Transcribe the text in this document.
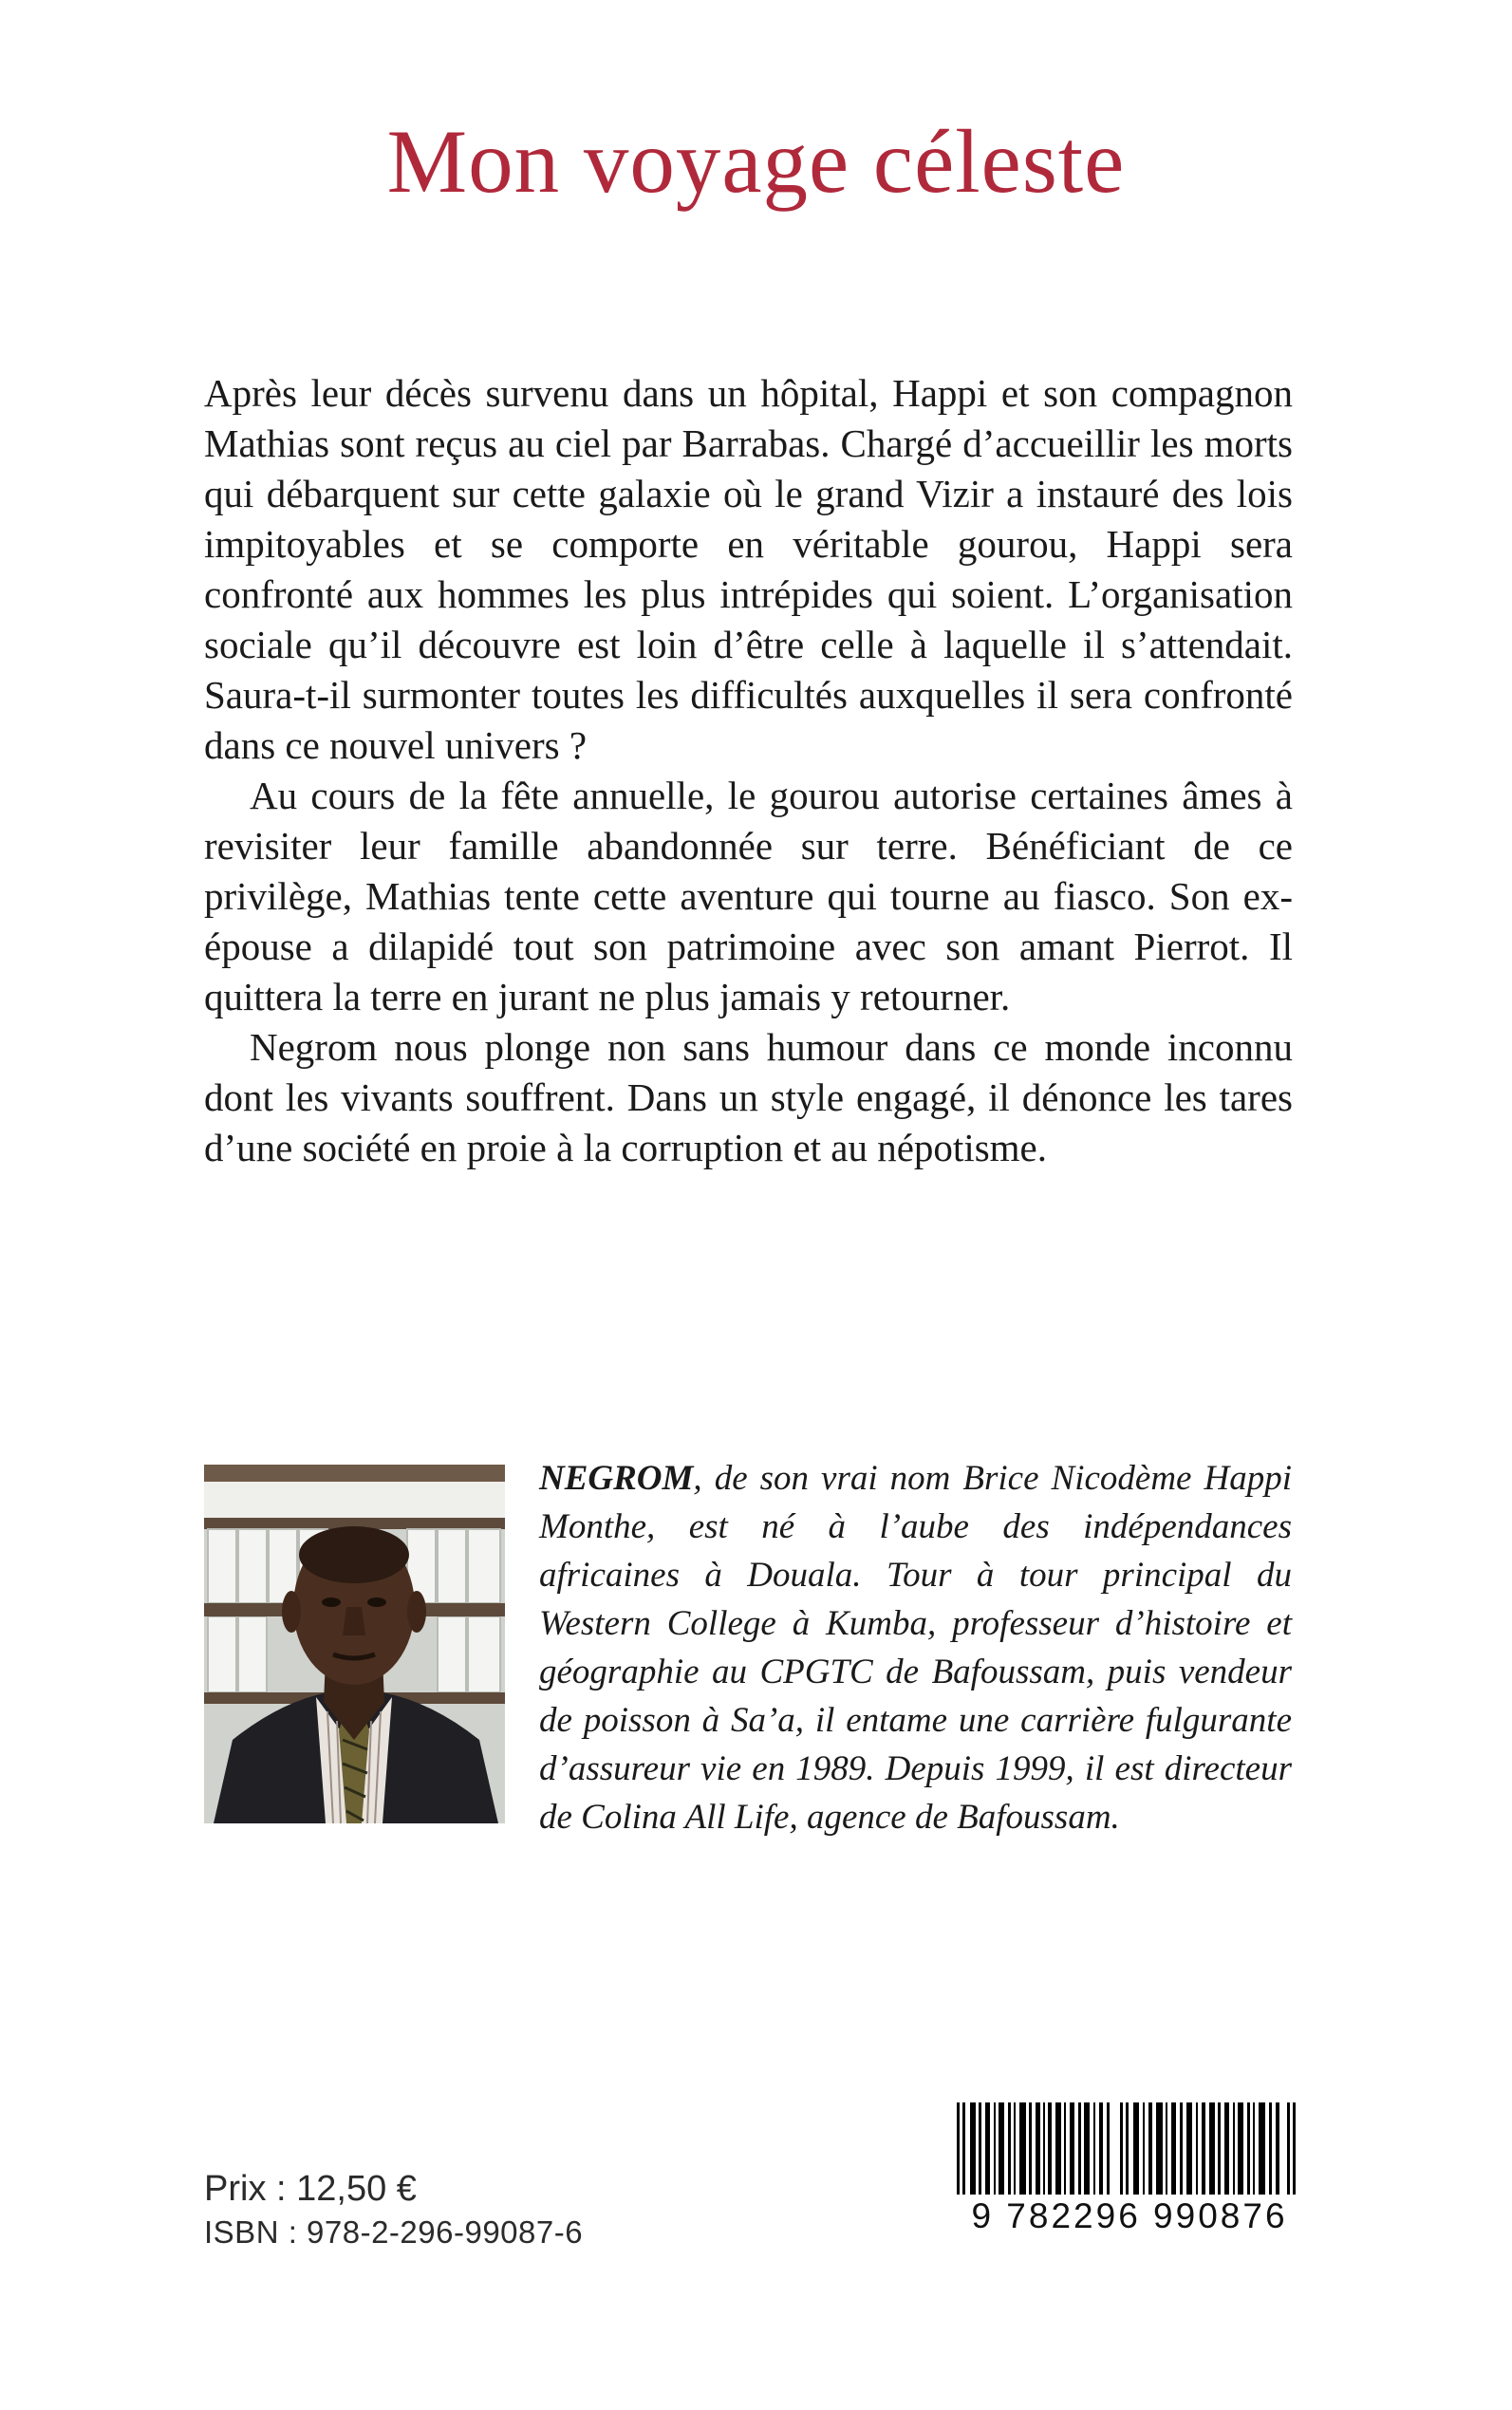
Mon voyage céleste

Après leur décès survenu dans un hôpital, Happi et son compagnon Mathias sont reçus au ciel par Barrabas. Chargé d’accueillir les morts qui débarquent sur cette galaxie où le grand Vizir a instauré des lois impitoyables et se comporte en véritable gourou, Happi sera confronté aux hommes les plus intrépides qui soient. L’organisation sociale qu’il découvre est loin d’être celle à laquelle il s’attendait. Saura-t-il surmonter toutes les difficultés auxquelles il sera confronté dans ce nouvel univers ?

Au cours de la fête annuelle, le gourou autorise certaines âmes à revisiter leur famille abandonnée sur terre. Bénéficiant de ce privilège, Mathias tente cette aventure qui tourne au fiasco. Son ex-épouse a dilapidé tout son patrimoine avec son amant Pierrot. Il quittera la terre en jurant ne plus jamais y retourner.

Negrom nous plonge non sans humour dans ce monde inconnu dont les vivants souffrent. Dans un style engagé, il dénonce les tares d’une société en proie à la corruption et au népotisme.

NEGROM, de son vrai nom Brice Nicodème Happi Monthe, est né à l’aube des indépendances africaines à Douala. Tour à tour principal du Western College à Kumba, professeur d’histoire et géographie au CPGTC de Bafoussam, puis vendeur de poisson à Sa’a, il entame une carrière fulgurante d’assureur vie en 1989. Depuis 1999, il est directeur de Colina All Life, agence de Bafoussam.

Prix : 12,50 €
ISBN : 978-2-296-99087-6	9 782296 990876
